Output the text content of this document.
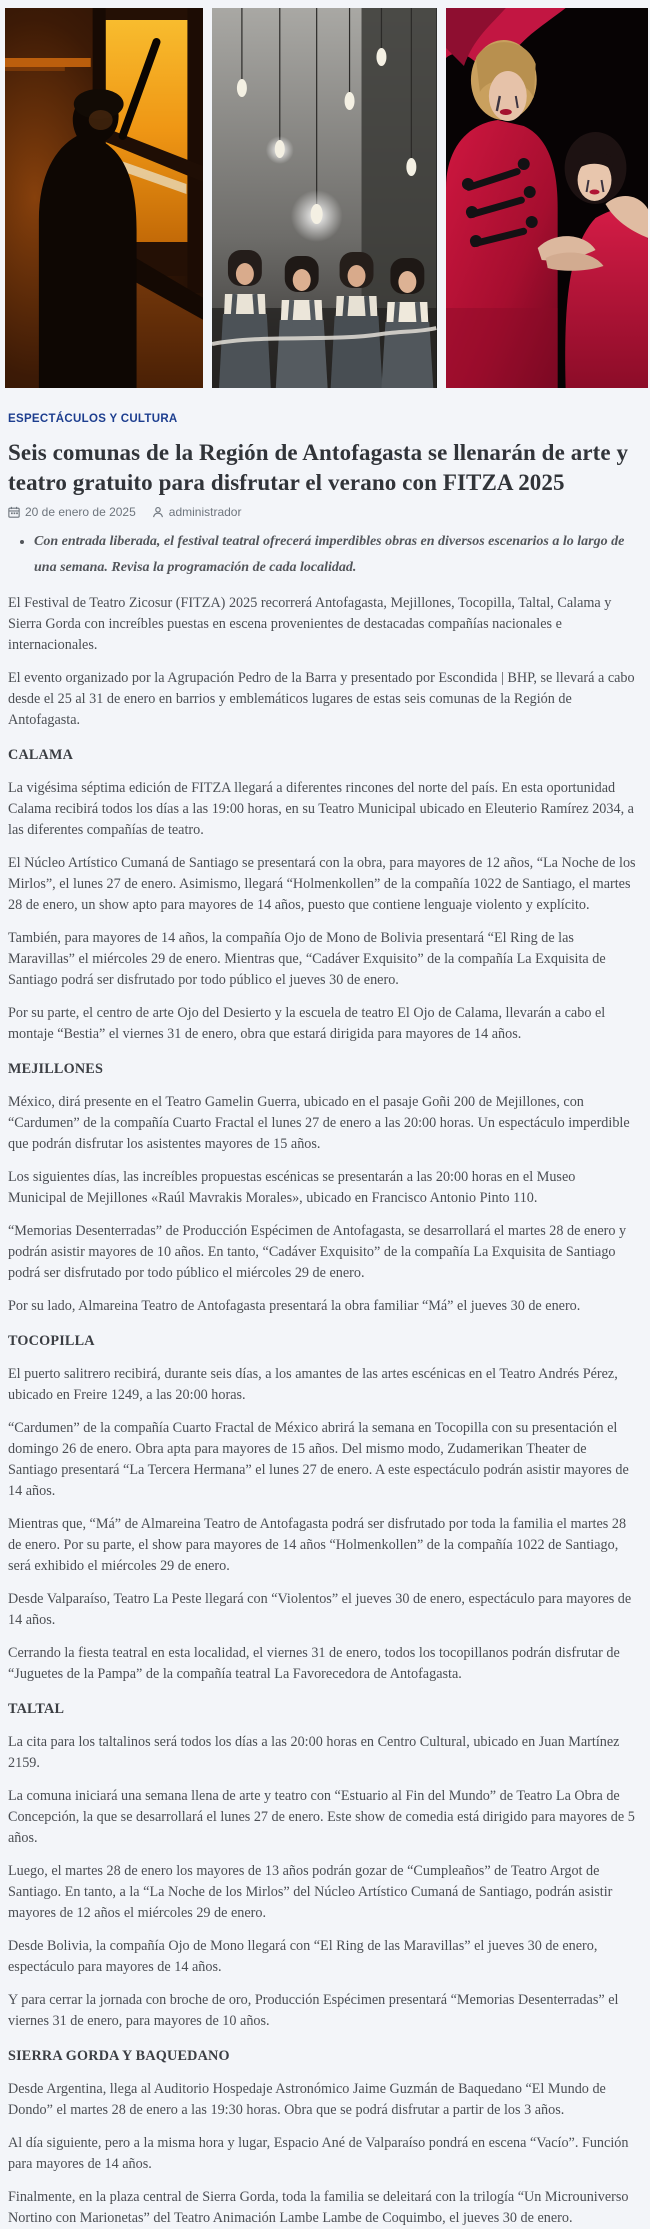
ESPECTÁCULOS Y CULTURA
Seis comunas de la Región de Antofagasta se llenarán de arte y teatro gratuito para disfrutar el verano con FITZA 2025
20 de enero de 2025	administrador
• Con entrada liberada, el festival teatral ofrecerá imperdibles obras en diversos escenarios a lo largo de una semana. Revisa la programación de cada localidad.

El Festival de Teatro Zicosur (FITZA) 2025 recorrerá Antofagasta, Mejillones, Tocopilla, Taltal, Calama y Sierra Gorda con increíbles puestas en escena provenientes de destacadas compañías nacionales e internacionales.

El evento organizado por la Agrupación Pedro de la Barra y presentado por Escondida | BHP, se llevará a cabo desde el 25 al 31 de enero en barrios y emblemáticos lugares de estas seis comunas de la Región de Antofagasta.

CALAMA

La vigésima séptima edición de FITZA llegará a diferentes rincones del norte del país. En esta oportunidad Calama recibirá todos los días a las 19:00 horas, en su Teatro Municipal ubicado en Eleuterio Ramírez 2034, a las diferentes compañías de teatro.

El Núcleo Artístico Cumaná de Santiago se presentará con la obra, para mayores de 12 años, “La Noche de los Mirlos”, el lunes 27 de enero. Asimismo, llegará “Holmenkollen” de la compañía 1022 de Santiago, el martes 28 de enero, un show apto para mayores de 14 años, puesto que contiene lenguaje violento y explícito.

También, para mayores de 14 años, la compañía Ojo de Mono de Bolivia presentará “El Ring de las Maravillas” el miércoles 29 de enero. Mientras que, “Cadáver Exquisito” de la compañía La Exquisita de Santiago podrá ser disfrutado por todo público el jueves 30 de enero.

Por su parte, el centro de arte Ojo del Desierto y la escuela de teatro El Ojo de Calama, llevarán a cabo el montaje “Bestia” el viernes 31 de enero, obra que estará dirigida para mayores de 14 años.

MEJILLONES

México, dirá presente en el Teatro Gamelin Guerra, ubicado en el pasaje Goñi 200 de Mejillones, con “Cardumen” de la compañía Cuarto Fractal el lunes 27 de enero a las 20:00 horas. Un espectáculo imperdible que podrán disfrutar los asistentes mayores de 15 años.

Los siguientes días, las increíbles propuestas escénicas se presentarán a las 20:00 horas en el Museo Municipal de Mejillones «Raúl Mavrakis Morales», ubicado en Francisco Antonio Pinto 110.

“Memorias Desenterradas” de Producción Espécimen de Antofagasta, se desarrollará el martes 28 de enero y podrán asistir mayores de 10 años. En tanto, “Cadáver Exquisito” de la compañía La Exquisita de Santiago podrá ser disfrutado por todo público el miércoles 29 de enero.

Por su lado, Almareina Teatro de Antofagasta presentará la obra familiar “Má” el jueves 30 de enero.

TOCOPILLA

El puerto salitrero recibirá, durante seis días, a los amantes de las artes escénicas en el Teatro Andrés Pérez, ubicado en Freire 1249, a las 20:00 horas.

“Cardumen” de la compañía Cuarto Fractal de México abrirá la semana en Tocopilla con su presentación el domingo 26 de enero. Obra apta para mayores de 15 años. Del mismo modo, Zudamerikan Theater de Santiago presentará “La Tercera Hermana” el lunes 27 de enero. A este espectáculo podrán asistir mayores de 14 años.

Mientras que, “Má” de Almareina Teatro de Antofagasta podrá ser disfrutado por toda la familia el martes 28 de enero. Por su parte, el show para mayores de 14 años “Holmenkollen” de la compañía 1022 de Santiago, será exhibido el miércoles 29 de enero.

Desde Valparaíso, Teatro La Peste llegará con “Violentos” el jueves 30 de enero, espectáculo para mayores de 14 años.

Cerrando la fiesta teatral en esta localidad, el viernes 31 de enero, todos los tocopillanos podrán disfrutar de “Juguetes de la Pampa” de la compañía teatral La Favorecedora de Antofagasta.

TALTAL

La cita para los taltalinos será todos los días a las 20:00 horas en Centro Cultural, ubicado en Juan Martínez 2159.

La comuna iniciará una semana llena de arte y teatro con “Estuario al Fin del Mundo” de Teatro La Obra de Concepción, la que se desarrollará el lunes 27 de enero. Este show de comedia está dirigido para mayores de 5 años.

Luego, el martes 28 de enero los mayores de 13 años podrán gozar de “Cumpleaños” de Teatro Argot de Santiago. En tanto, a la “La Noche de los Mirlos” del Núcleo Artístico Cumaná de Santiago, podrán asistir mayores de 12 años el miércoles 29 de enero.

Desde Bolivia, la compañía Ojo de Mono llegará con “El Ring de las Maravillas” el jueves 30 de enero, espectáculo para mayores de 14 años.

Y para cerrar la jornada con broche de oro, Producción Espécimen presentará “Memorias Desenterradas” el viernes 31 de enero, para mayores de 10 años.

SIERRA GORDA Y BAQUEDANO

Desde Argentina, llega al Auditorio Hospedaje Astronómico Jaime Guzmán de Baquedano “El Mundo de Dondo” el martes 28 de enero a las 19:30 horas. Obra que se podrá disfrutar a partir de los 3 años.

Al día siguiente, pero a la misma hora y lugar, Espacio Ané de Valparaíso pondrá en escena “Vacío”. Función para mayores de 14 años.

Finalmente, en la plaza central de Sierra Gorda, toda la familia se deleitará con la trilogía “Un Microuniverso Nortino con Marionetas” del Teatro Animación Lambe Lambe de Coquimbo, el jueves 30 de enero.
